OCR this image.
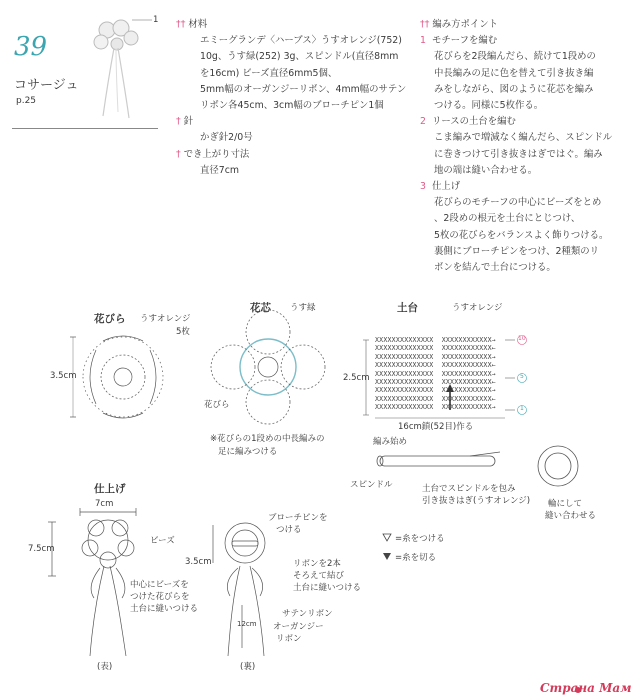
39
コサージュ
p.25
1 †† 材料
エミーグランデ〈ハーブス〉うすオレンジ(752)
10g、うす緑(252) 3g、スピンドル(直径8mm
を16cm) ビーズ直径6mm5個、
5mm幅のオーガンジーリボン、4mm幅のサテン
リボン各45cm、3cm幅のブローチピン1個
† 針
かぎ針2/0号
† でき上がり寸法
直径7cm
†† 編み方ポイント
1 モチーフを編む
花びらを2段編んだら、続けて1段めの
中長編みの足に色を替えて引き抜き編
みをしながら、図のように花芯を編み
つける。同様に5枚作る。
2 リースの土台を編む
こま編みで増減なく編んだら、スピンドル
に巻きつけて引き抜きはぎではぐ。編み
地の端は縫い合わせる。
3 仕上げ
花びらのモチーフの中心にビーズをとめ
、2段めの根元を土台にとじつけ、
5枚の花びらをバランスよく飾りつける。
裏側にブローチピンをつけ、2種類のリ
ボンを結んで土台につける。
花びら うすオレンジ
5枚
3.5cm
花芯 うす緑
花びら
※花びらの1段めの中長編みの
足に編みつける
土台	うすオレンジ
2.5cm
16cm鎖(52目)作る
編み始め
10
5
1
スピンドル	土台でスピンドルを包み
引き抜きはぎ(うすオレンジ) 輪にして
縫い合わせる
仕上げ
7cm
7.5cm
ビーズ
中心にビーズを
つけた花びらを
土台に縫いつける
(表)
ブローチピンを
つける
3.5cm	リボンを2本
そろえて結び
土台に縫いつける
サテンリボン
12cm オーガンジー
リボン
(裏)
=糸をつける
=糸を切る
XXXXXXXXXXXXXX  XXXXXXXXXXXX→
XXXXXXXXXXXXXX  XXXXXXXXXXXX←
XXXXXXXXXXXXXX  XXXXXXXXXXXX→
XXXXXXXXXXXXXX  XXXXXXXXXXXX←
XXXXXXXXXXXXXX  XXXXXXXXXXXX→
XXXXXXXXXXXXXX  XXXXXXXXXXXX←
XXXXXXXXXXXXXX  XXXXXXXXXXXX→
XXXXXXXXXXXXXX  XXXXXXXXXXXX←
XXXXXXXXXXXXXX  XXXXXXXXXXXX→
Страна Мам
